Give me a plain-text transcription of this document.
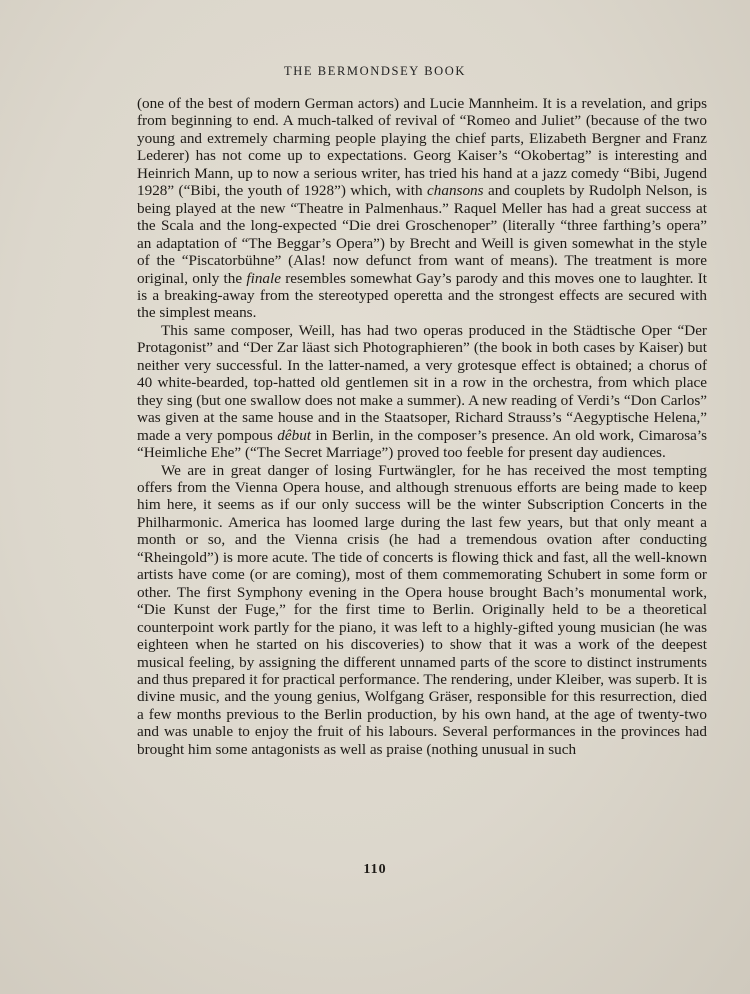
THE BERMONDSEY BOOK

(one of the best of modern German actors) and Lucie Mannheim. It is a revelation, and grips from beginning to end. A much-talked of revival of “Romeo and Juliet” (because of the two young and extremely charming people playing the chief parts, Elizabeth Bergner and Franz Lederer) has not come up to expectations. Georg Kaiser’s “Okobertag” is interesting and Heinrich Mann, up to now a serious writer, has tried his hand at a jazz comedy “Bibi, Jugend 1928” (“Bibi, the youth of 1928”) which, with chansons and couplets by Rudolph Nelson, is being played at the new “Theatre in Palmenhaus.” Raquel Meller has had a great success at the Scala and the long-expected “Die drei Groschenoper” (literally “three farthing’s opera” an adaptation of “The Beggar’s Opera”) by Brecht and Weill is given somewhat in the style of the “Piscatorbühne” (Alas! now defunct from want of means). The treatment is more original, only the finale resembles somewhat Gay’s parody and this moves one to laughter. It is a breaking-away from the stereotyped operetta and the strongest effects are secured with the simplest means.

This same composer, Weill, has had two operas produced in the Städtische Oper “Der Protagonist” and “Der Zar läast sich Photographieren” (the book in both cases by Kaiser) but neither very successful. In the latter-named, a very grotesque effect is obtained; a chorus of 40 white-bearded, top-hatted old gentlemen sit in a row in the orchestra, from which place they sing (but one swallow does not make a summer). A new reading of Verdi’s “Don Carlos” was given at the same house and in the Staatsoper, Richard Strauss’s “Aegyptische Helena,” made a very pompous dêbut in Berlin, in the composer’s presence. An old work, Cimarosa’s “Heimliche Ehe” (“The Secret Marriage”) proved too feeble for present day audiences.

We are in great danger of losing Furtwängler, for he has received the most tempting offers from the Vienna Opera house, and although strenuous efforts are being made to keep him here, it seems as if our only success will be the winter Subscription Concerts in the Philharmonic. America has loomed large during the last few years, but that only meant a month or so, and the Vienna crisis (he had a tremendous ovation after conducting “Rheingold”) is more acute. The tide of concerts is flowing thick and fast, all the well-known artists have come (or are coming), most of them commemorating Schubert in some form or other. The first Symphony evening in the Opera house brought Bach’s monumental work, “Die Kunst der Fuge,” for the first time to Berlin. Originally held to be a theoretical counterpoint work partly for the piano, it was left to a highly-gifted young musician (he was eighteen when he started on his discoveries) to show that it was a work of the deepest musical feeling, by assigning the different unnamed parts of the score to distinct instruments and thus prepared it for practical performance. The rendering, under Kleiber, was superb. It is divine music, and the young genius, Wolfgang Gräser, responsible for this resurrection, died a few months previous to the Berlin production, by his own hand, at the age of twenty-two and was unable to enjoy the fruit of his labours. Several performances in the provinces had brought him some antagonists as well as praise (nothing unusual in such

110
